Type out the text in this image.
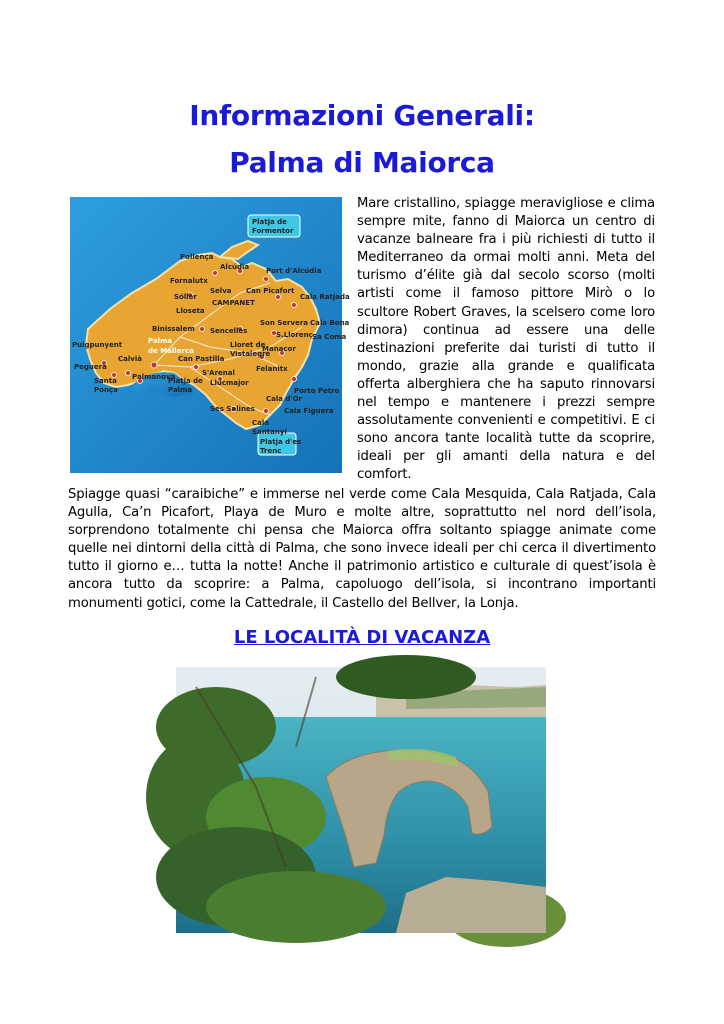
Informazioni Generali:
Palma di Maiorca
Platja de
Formentor
Pollença
Alcúdia Port d'Alcúdia
Fornalutx
Can Picafort
Cala Ratjada
Sóller
Selva
CAMPANET
Lloseta
Binissalem
Son Servera Cala Bona
Sencelles	S.Llorenç
Palma
de Mallorca
Sa Coma
Puigpunyent	Lloret de
Vistalegre
Manacor
Calvià	Can Pastilla
Felanitx
Peguera
Palmanova
Platja de
Palma
S'Arenal
Llucmajor
Porto Petro
Santa
Ponça
Cala d'Or
Ses Salines	Cala Figuera
Cala
Santanyí
Platja d'es
Trenc
Mare cristallino, spiagge meravigliose e clima sempre mite, fanno di Maiorca un centro di vacanze balneare fra i più richiesti di tutto il Mediterraneo da ormai molti anni. Meta del turismo d’élite già dal secolo scorso (molti artisti come il famoso pittore Mirò o lo scultore Robert Graves, la scelsero come loro dimora) continua ad essere una delle destinazioni preferite dai turisti di tutto il mondo, grazie alla grande e qualificata offerta alberghiera che ha saputo rinnovarsi nel tempo e mantenere i prezzi sempre assolutamente convenienti e competitivi. E ci sono ancora tante località tutte da scoprire, ideali per gli amanti della natura e del comfort.
Spiagge quasi “caraibiche” e immerse nel verde come Cala Mesquida, Cala Ratjada, Cala Agulla, Ca’n Picafort, Playa de Muro e molte altre, soprattutto nel nord dell’isola, sorprendono totalmente chi pensa che Maiorca offra soltanto spiagge animate come quelle nei dintorni della città di Palma, che sono invece ideali per chi cerca il divertimento tutto il giorno e… tutta la notte! Anche il patrimonio artistico e culturale di quest’isola è ancora tutto da scoprire: a Palma, capoluogo dell’isola, si incontrano importanti monumenti gotici, come la Cattedrale, il Castello del Bellver, la Lonja.
LE LOCALITÀ DI VACANZA
